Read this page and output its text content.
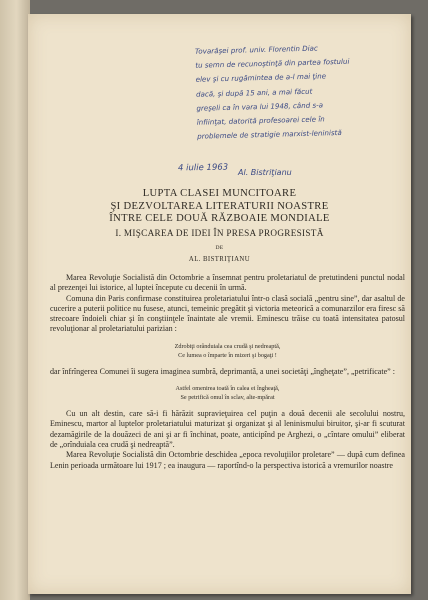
Tovarăşei prof. univ. Florentin Diac
tu semn de recunoştinţă din partea fostului
elev şi cu rugămintea de a-l mai ţine
dacă, şi după 15 ani, a mai făcut
greşeli ca în vara lui 1948, când s-a
înfiinţat, datorită profesoarei cele în
problemele de stratigie marxist-leninistă
4 iulie 1963 Al. Bistriţianu
LUPTA CLASEI MUNCITOARE
ŞI DEZVOLTAREA LITERATURII NOASTRE
ÎNTRE CELE DOUĂ RĂZBOAIE MONDIALE
I. MIŞCAREA DE IDEI ÎN PRESA PROGRESISTĂ
DE
AL. BISTRIŢIANU

Marea Revoluţie Socialistă din Octombrie a însemnat pentru proletariatul de pretutindeni punctul nodal al prezenţei lui istorice, al luptei începute cu decenii în urmă.

Comuna din Paris confirmase constituirea proletariatului într-o clasă socială „pentru sine”, dar asaltul de cucerire a puterii politice nu fusese, atunci, temeinic pregătit şi victoria meteorică a comunarzilor era firesc să strecoare îndoieli chiar şi în conştiinţele înaintate ale vremii. Eminescu trăise cu toată intensitatea patosul revoluţionar al proletariatului parizian :

Zdrobiţi orânduiala cea crudă şi nedreaptă,
Ce lumea o împarte în mizeri şi bogaţi !

dar înfrîngerea Comunei îi sugera imaginea sumbră, deprimantă, a unei societăţi „îngheţate”, „petrificate” :

Astfel omenirea toată în calea ei îngheaţă,
Se petrifică omul în sclav, alte-mpărat

Cu un alt destin, care să-i fi hărăzit supravieţuirea cel puţin a două decenii ale secolului nostru, Eminescu, martor al luptelor proletariatului maturizat şi organizat şi al leninismului biruitor, şi-ar fi scuturat dezamăgirile de la douăzeci de ani şi ar fi închinat, poate, anticipînd pe Arghezi, o „cîntare omului” eliberat de „orînduiala cea crudă şi nedreaptă”.

Marea Revoluţie Socialistă din Octombrie deschidea „epoca revoluţiilor proletare” — după cum definea Lenin perioada următoare lui 1917 ; ea inaugura — raportînd-o la perspectiva istorică a vremurilor noastre
